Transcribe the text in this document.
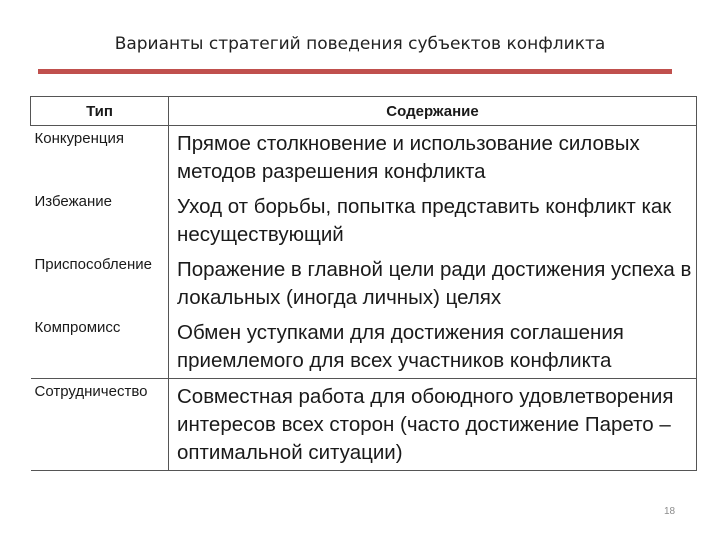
Варианты стратегий поведения субъектов конфликта
Тип	Содержание
Конкуренция	Прямое столкновение и использование силовых методов разрешения конфликта
Избежание	Уход от борьбы, попытка представить конфликт как несуществующий
Приспособление	Поражение в главной цели ради достижения успеха в локальных (иногда личных) целях
Компромисс	Обмен уступками для достижения соглашения приемлемого для всех участников конфликта
Сотрудничество	Совместная работа для обоюдного удовлетворения интересов всех сторон (часто достижение Парето – оптимальной ситуации)
18
